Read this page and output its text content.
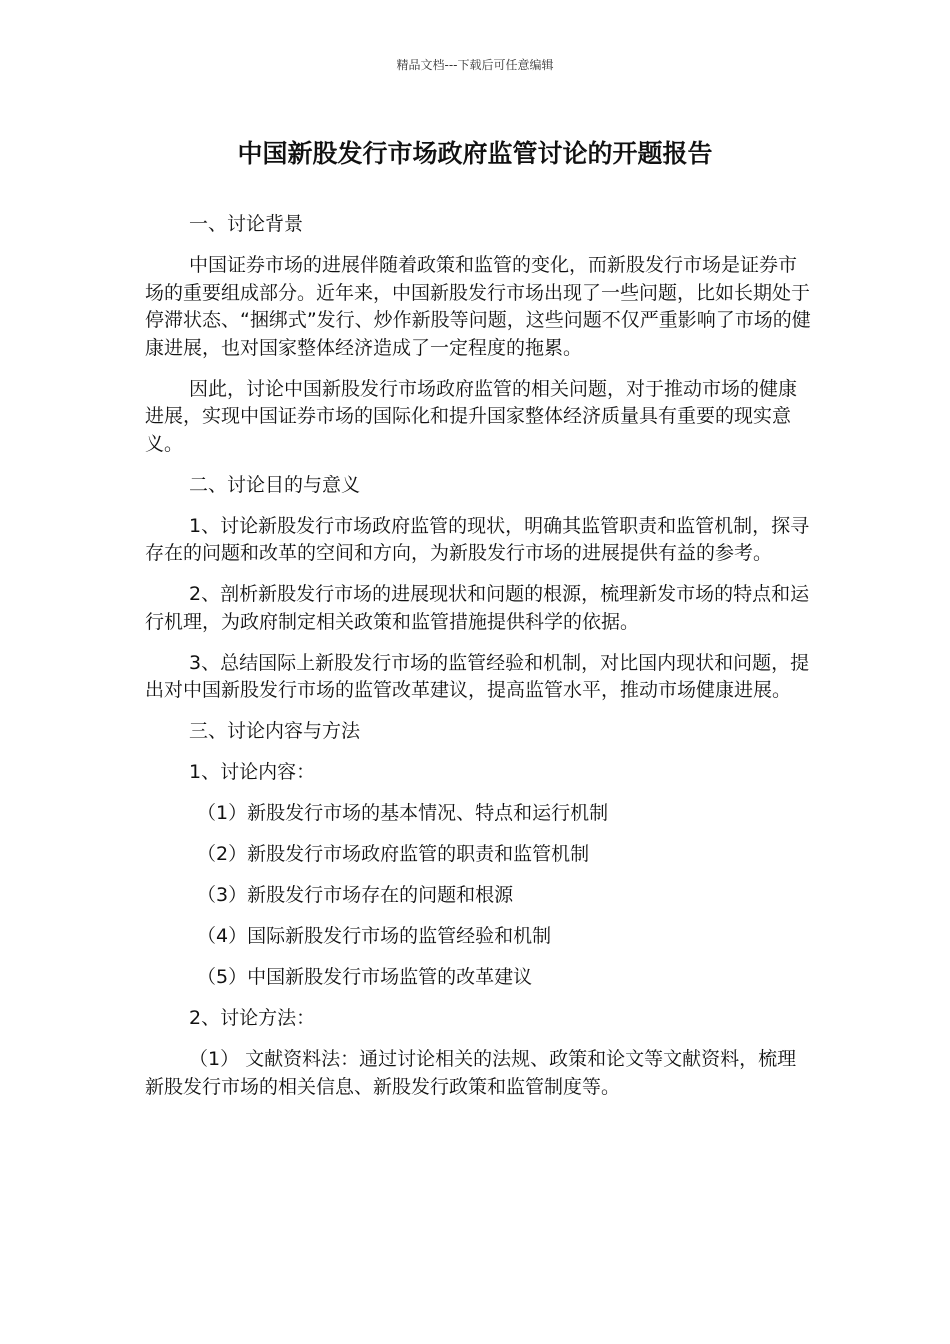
精品文档---下载后可任意编辑
中国新股发行市场政府监管讨论的开题报告

一、讨论背景

中国证券市场的进展伴随着政策和监管的变化，而新股发行市场是证券市场的重要组成部分。近年来，中国新股发行市场出现了一些问题，比如长期处于停滞状态、“捆绑式”发行、炒作新股等问题，这些问题不仅严重影响了市场的健康进展，也对国家整体经济造成了一定程度的拖累。

因此，讨论中国新股发行市场政府监管的相关问题，对于推动市场的健康进展，实现中国证券市场的国际化和提升国家整体经济质量具有重要的现实意义。

二、讨论目的与意义

1、讨论新股发行市场政府监管的现状，明确其监管职责和监管机制，探寻存在的问题和改革的空间和方向，为新股发行市场的进展提供有益的参考。

2、剖析新股发行市场的进展现状和问题的根源，梳理新发市场的特点和运行机理，为政府制定相关政策和监管措施提供科学的依据。

3、总结国际上新股发行市场的监管经验和机制，对比国内现状和问题，提出对中国新股发行市场的监管改革建议，提高监管水平，推动市场健康进展。

三、讨论内容与方法

1、讨论内容：

（1）新股发行市场的基本情况、特点和运行机制

（2）新股发行市场政府监管的职责和监管机制

（3）新股发行市场存在的问题和根源

（4）国际新股发行市场的监管经验和机制

（5）中国新股发行市场监管的改革建议

2、讨论方法：

（1） 文献资料法：通过讨论相关的法规、政策和论文等文献资料，梳理新股发行市场的相关信息、新股发行政策和监管制度等。
